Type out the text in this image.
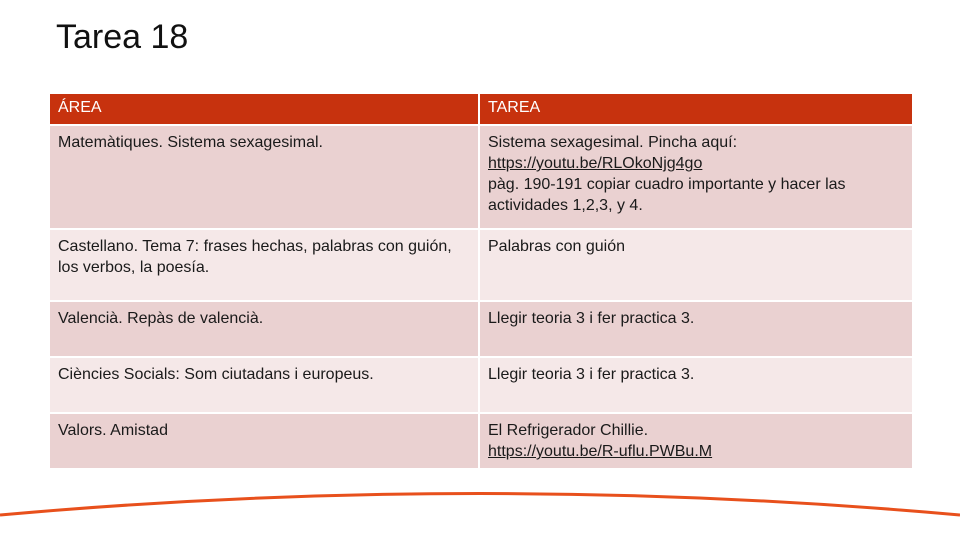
Tarea 18
ÁREA	TAREA
Matemàtiques. Sistema sexagesimal.	Sistema sexagesimal. Pincha aquí:
https://youtu.be/RLOkoNjg4go
pàg. 190-191 copiar cuadro importante y hacer las actividades 1,2,3, y 4.
Castellano. Tema 7: frases hechas, palabras con guión, los verbos, la poesía.	Palabras con guión
Valencià. Repàs de valencià.	Llegir teoria 3 i fer practica 3.
Ciències Socials: Som ciutadans i europeus.	Llegir teoria 3 i fer practica 3.
Valors. Amistad	El Refrigerador Chillie.
https://youtu.be/R-uflu.PWBu.M
